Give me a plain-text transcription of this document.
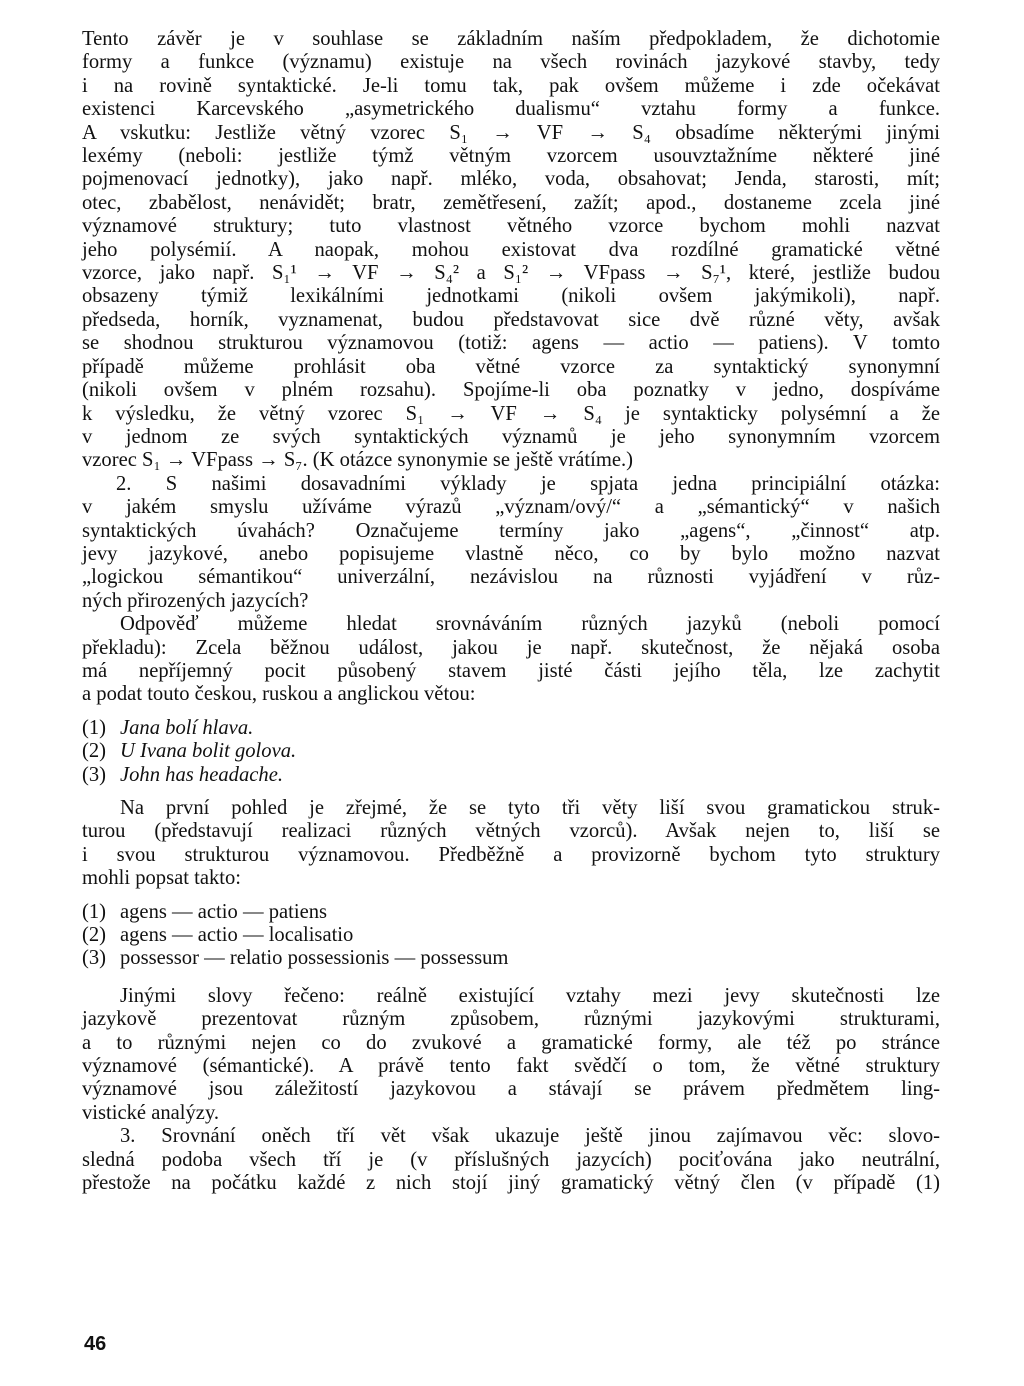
Tento závěr je v souhlase se základním naším předpokladem, že dichotomie
formy a funkce (významu) existuje na všech rovinách jazykové stavby, tedy
i na rovině syntaktické. Je-li tomu tak, pak ovšem můžeme i zde očekávat
existenci Karcevského „asymetrického dualismu“ vztahu formy a funkce.
A vskutku: Jestliže větný vzorec S₁ → VF → S₄ obsadíme některými jinými
lexémy (neboli: jestliže týmž větným vzorcem usouvztažníme některé jiné
pojmenovací jednotky), jako např. mléko, voda, obsahovat; Jenda, starosti, mít;
otec, zbabělost, nenávidět; bratr, zemětřesení, zažít; apod., dostaneme zcela jiné
významové struktury; tuto vlastnost větného vzorce bychom mohli nazvat
jeho polysémií. A naopak, mohou existovat dva rozdílné gramatické větné
vzorce, jako např. S₁¹ → VF → S₄² a S₁² → VFpass → S₇¹, které, jestliže budou
obsazeny týmiž lexikálními jednotkami (nikoli ovšem jakýmikoli), např.
předseda, horník, vyznamenat, budou představovat sice dvě různé věty, avšak
se shodnou strukturou významovou (totiž: agens — actio — patiens). V tomto
případě můžeme prohlásit oba větné vzorce za syntaktický synonymní
(nikoli ovšem v plném rozsahu). Spojíme-li oba poznatky v jedno, dospíváme
k výsledku, že větný vzorec S₁ → VF → S₄ je syntakticky polysémní a že
v jednom ze svých syntaktických významů je jeho synonymním vzorcem
vzorec S₁ → VFpass → S₇. (K otázce synonymie se ještě vrátíme.)
2. S našimi dosavadními výklady je spjata jedna principiální otázka:
v jakém smyslu užíváme výrazů „význam/ový/“ a „sémantický“ v našich
syntaktických úvahách? Označujeme termíny jako „agens“, „činnost“ atp.
jevy jazykové, anebo popisujeme vlastně něco, co by bylo možno nazvat
„logickou sémantikou“ univerzální, nezávislou na různosti vyjádření v růz-
ných přirozených jazycích?
Odpověď můžeme hledat srovnáváním různých jazyků (neboli pomocí
překladu): Zcela běžnou událost, jakou je např. skutečnost, že nějaká osoba
má nepříjemný pocit působený stavem jisté části jejího těla, lze zachytit
a podat touto českou, ruskou a anglickou větou:
(1) Jana bolí hlava.
(2) U Ivana bolit golova.
(3) John has headache.
Na první pohled je zřejmé, že se tyto tři věty liší svou gramatickou struk-
turou (představují realizaci různých větných vzorců). Avšak nejen to, liší se
i svou strukturou významovou. Předběžně a provizorně bychom tyto struktury
mohli popsat takto:
(1) agens — actio — patiens
(2) agens — actio — localisatio
(3) possessor — relatio possessionis — possessum
Jinými slovy řečeno: reálně existující vztahy mezi jevy skutečnosti lze
jazykově prezentovat různým způsobem, různými jazykovými strukturami,
a to různými nejen co do zvukové a gramatické formy, ale též po stránce
významové (sémantické). A právě tento fakt svědčí o tom, že větné struktury
významové jsou záležitostí jazykovou a stávají se právem předmětem ling-
vistické analýzy.
3. Srovnání oněch tří vět však ukazuje ještě jinou zajímavou věc: slovo-
sledná podoba všech tří je (v příslušných jazycích) pociťována jako neutrální,
přestože na počátku každé z nich stojí jiný gramatický větný člen (v případě (1)
46
